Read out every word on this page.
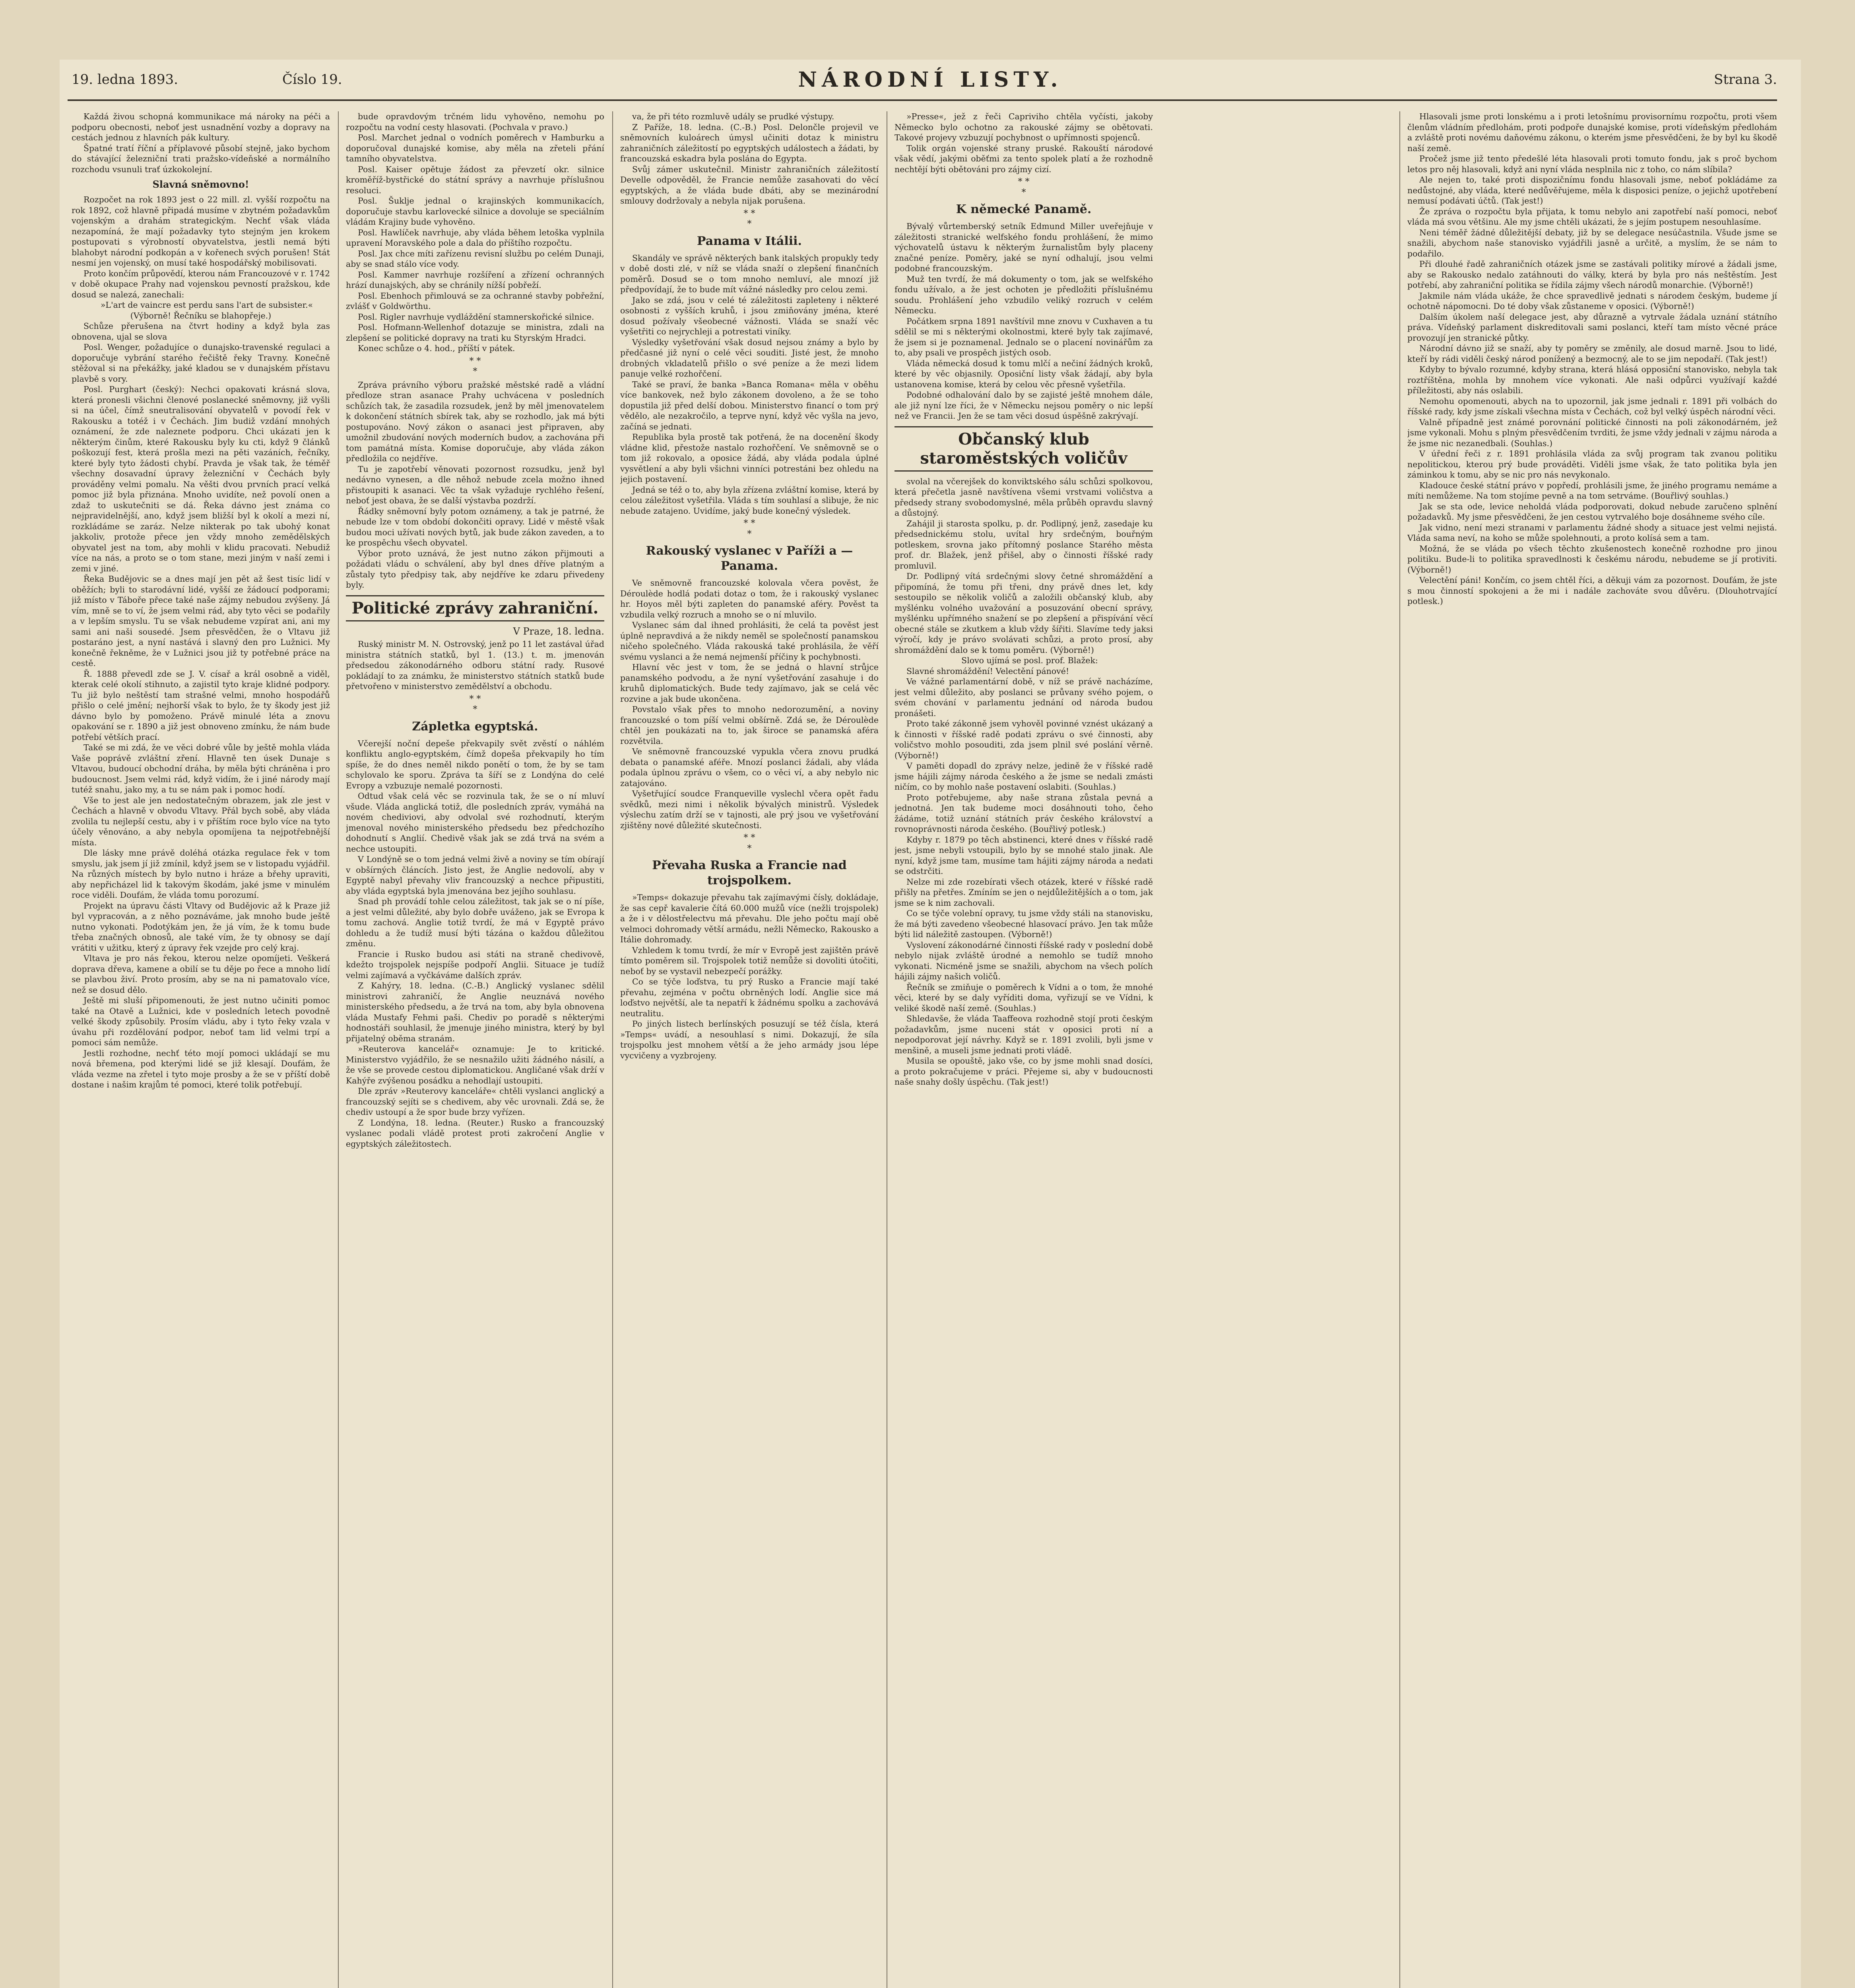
19. ledna 1893.	Číslo 19.	NÁRODNÍ LISTY.	Strana 3.

Každá živou schopná kommunikace má nároky na péči a podporu obecnosti, neboť jest usnadnění vozby a dopravy na cestách jednou z hlavních pák kultury.

Špatné tratí říční a příplavové působí stejně, jako bychom do stávající železniční trati pražsko-vídeňské a normálního rozchodu vsunuli trať úzkokolejní.

Slavná sněmovno!

Rozpočet na rok 1893 jest o 22 mill. zl. vyšší rozpočtu na rok 1892, což hlavně připadá musíme v zbytném požadavkům vojenským a drahám strategickým. Nechť však vláda nezapomíná, že mají požadavky tyto stejným jen krokem postupovati s výrobností obyvatelstva, jestli nemá býti blahobyt národní podkopán a v kořenech svých porušen! Stát nesmí jen vojenský, on musí také hospodářský mobilisovati.

Proto končím průpovědí, kterou nám Francouzové v r. 1742 v době okupace Prahy nad vojenskou pevností pražskou, kde dosud se nalezá, zanechali:

»L'art de vaincre est perdu sans l'art de subsister.« (Výborně! Řečníku se blahopřeje.)

Schůze přerušena na čtvrt hodiny a když byla zas obnovena, ujal se slova

Posl. Wenger, požadujíce o dunajsko-travenské regulaci a doporučuje vybrání starého řečiště řeky Travny. Konečně stěžoval si na překážky, jaké kladou se v dunajském přístavu plavbě s vory.

Posl. Purghart (český): Nechci opakovati krásná slova, která pronesli všichni členové poslanecké sněmovny, již vyšli si na účel, čímž sneutralisování obyvatelů v povodí řek v Rakousku a totéž i v Čechách. Jim budiž vzdání mnohých oznámení, že zde naleznete podporu. Chci ukázati jen k některým činům, které Rakousku byly ku cti, když 9 článků poškozují fest, která prošla mezi na pěti vazáních, řečníky, které byly tyto žádosti chybí. Pravda je však tak, že téměř všechny dosavadní úpravy železniční v Čechách byly prováděny velmi pomalu. Na věšti dvou prvních prací velká pomoc již byla přiznána. Mnoho uvidíte, než povolí onen a zdaž to uskutečniti se dá. Řeka dávno jest známa co nejpravidelnější, ano, když jsem bližší byl k okolí a mezi ní, rozkládáme se zaráz. Nelze nikterak po tak ubohý konat jakkoliv, protože přece jen vždy mnoho zemědělských obyvatel jest na tom, aby mohli v klidu pracovati. Nebudiž více na nás, a proto se o tom stane, mezi jiným v naší zemi i zemi v jiné.

Řeka Budějovic se a dnes mají jen pět až šest tisíc lidí v oběžích; byli to starodávní lidé, vyšší ze žádoucí podporami; již místo v Táboře přece také naše zájmy nebudou zvýšeny. Já vím, mně se to ví, že jsem velmi rád, aby tyto věci se podařily a v lepším smyslu. Tu se však nebudeme vzpírat ani, ani my sami ani naši sousedé. Jsem přesvědčen, že o Vltavu již postaráno jest, a nyní nastává i slavný den pro Lužnici. My konečně řekněme, že v Lužnici jsou již ty potřebné práce na cestě.

Ř. 1888 převedl zde se J. V. císař a král osobně a viděl, kterak celé okolí stihnuto, a zajistil tyto kraje klidné podpory. Tu již bylo neštěstí tam strašné velmi, mnoho hospodářů přišlo o celé jmění; nejhorší však to bylo, že ty škody jest již dávno bylo by pomoženo. Právě minulé léta a znovu opakování se r. 1890 a již jest obnoveno zmínku, že nám bude potřebí větších prací.

Také se mi zdá, že ve věci dobré vůle by ještě mohla vláda Vaše poprávě zvláštní zření. Hlavně ten úsek Dunaje s Vltavou, budoucí obchodní dráha, by měla býti chráněna i pro budoucnost. Jsem velmi rád, když vidím, že i jiné národy mají tutéž snahu, jako my, a tu se nám pak i pomoc hodí.

Vše to jest ale jen nedostatečným obrazem, jak zle jest v Čechách a hlavně v obvodu Vltavy. Přál bych sobě, aby vláda zvolila tu nejlepší cestu, aby i v příštím roce bylo více na tyto účely věnováno, a aby nebyla opomíjena ta nejpotřebnější místa.

Dle lásky mne právě doléhá otázka regulace řek v tom smyslu, jak jsem jí již zmínil, když jsem se v listopadu vyjádřil. Na různých místech by bylo nutno i hráze a břehy upraviti, aby nepřicházel lid k takovým škodám, jaké jsme v minulém roce viděli. Doufám, že vláda tomu porozumí.

Projekt na úpravu části Vltavy od Budějovic až k Praze již byl vypracován, a z něho poznáváme, jak mnoho bude ještě nutno vykonati. Podotýkám jen, že já vím, že k tomu bude třeba značných obnosů, ale také vím, že ty obnosy se dají vrátiti v užitku, který z úpravy řek vzejde pro celý kraj.

Vltava je pro nás řekou, kterou nelze opomíjeti. Veškerá doprava dřeva, kamene a obilí se tu děje po řece a mnoho lidí se plavbou živí. Proto prosím, aby se na ni pamatovalo více, než se dosud dělo.

Ještě mi sluší připomenouti, že jest nutno učiniti pomoc také na Otavě a Lužnici, kde v posledních letech povodně velké škody způsobily. Prosím vládu, aby i tyto řeky vzala v úvahu při rozdělování podpor, neboť tam lid velmi trpí a pomoci sám nemůže.

Jestli rozhodne, nechť této mojí pomoci ukládají se mu nová břemena, pod kterými lidé se již klesají. Doufám, že vláda vezme na zřetel i tyto moje prosby a že se v příští době dostane i našim krajům té pomoci, které tolik potřebují.

bude opravdovým trčném lidu vyhověno, nemohu po rozpočtu na vodní cesty hlasovati. (Pochvala v pravo.)

Posl. Marchet jednal o vodních poměrech v Hamburku a doporučoval dunajské komise, aby měla na zřeteli přání tamního obyvatelstva.

Posl. Kaiser opětuje žádost za převzetí okr. silnice kroměříž-bystřické do státní správy a navrhuje příslušnou resoluci.

Posl. Šuklje jednal o krajinských kommunikacích, doporučuje stavbu karlovecké silnice a dovoluje se speciálním vládám Krajiny bude vyhověno.

Posl. Hawlíček navrhuje, aby vláda během letoška vyplnila upravení Moravského pole a dala do příštího rozpočtu.

Posl. Jax chce míti zařízenu revisní službu po celém Dunaji, aby se snad stálo více vody.

Posl. Kammer navrhuje rozšíření a zřízení ochranných hrází dunajských, aby se chránily nížší pobřeží.

Posl. Ebenhoch přimlouvá se za ochranné stavby pobřežní, zvlášť v Goldwörthu.

Posl. Rigler navrhuje vydláždění stamnerskořické silnice.

Posl. Hofmann-Wellenhof dotazuje se ministra, zdali na zlepšení se politické dopravy na trati ku Styrským Hradci.

Konec schůze o 4. hod., příští v pátek.

* *
*

Zpráva právního výboru pražské městské radě a vládní předloze stran asanace Prahy uchvácena v posledních schůzích tak, že zasadila rozsudek, jenž by měl jmenovatelem k dokončení státních sbírek tak, aby se rozhodlo, jak má býti postupováno. Nový zákon o asanaci jest připraven, aby umožnil zbudování nových moderních budov, a zachována při tom památná místa. Komise doporučuje, aby vláda zákon předložila co nejdříve.

Tu je zapotřebí věnovati pozornost rozsudku, jenž byl nedávno vynesen, a dle něhož nebude zcela možno ihned přistoupiti k asanaci. Věc ta však vyžaduje rychlého řešení, neboť jest obava, že se další výstavba pozdrží.

Řádky sněmovní byly potom oznámeny, a tak je patrné, že nebude lze v tom období dokončiti opravy. Lidé v městě však budou moci užívati nových bytů, jak bude zákon zaveden, a to ke prospěchu všech obyvatel.

Výbor proto uznává, že jest nutno zákon přijmouti a požádati vládu o schválení, aby byl dnes dříve platným a zůstaly tyto předpisy tak, aby nejdříve ke zdaru přivedeny byly.

Politické zprávy zahraniční.
V Praze, 18. ledna.

Ruský ministr M. N. Ostrovský, jenž po 11 let zastával úřad ministra státních statků, byl 1. (13.) t. m. jmenován předsedou zákonodárného odboru státní rady. Rusové pokládají to za známku, že ministerstvo státních statků bude přetvořeno v ministerstvo zemědělství a obchodu.

* *
*
Zápletka egyptská.

Včerejší noční depeše překvapily svět zvěstí o náhlém konfliktu anglo-egyptském, čímž dopeša překvapily ho tím spíše, že do dnes neměl nikdo ponětí o tom, že by se tam schylovalo ke sporu. Zpráva ta šíří se z Londýna do celé Evropy a vzbuzuje nemalé pozornosti.

Odtud však celá věc se rozvinula tak, že se o ní mluví všude. Vláda anglická totiž, dle posledních zpráv, vymáhá na novém chediviovi, aby odvolal své rozhodnutí, kterým jmenoval nového ministerského předsedu bez předchozího dohodnutí s Anglií. Chedivě však jak se zdá trvá na svém a nechce ustoupiti.

V Londýně se o tom jedná velmi živě a noviny se tím obírají v obšírných článcích. Jisto jest, že Anglie nedovolí, aby v Egyptě nabyl převahy vliv francouzský a nechce připustiti, aby vláda egyptská byla jmenována bez jejího souhlasu.

Snad ph provádí tohle celou záležitost, tak jak se o ní píše, a jest velmi důležité, aby bylo dobře uváženo, jak se Evropa k tomu zachová. Anglie totiž tvrdí, že má v Egyptě právo dohledu a že tudíž musí býti tázána o každou důležitou změnu.

Francie i Rusko budou asi státi na straně chedivově, kdežto trojspolek nejspíše podpoří Anglii. Situace je tudíž velmi zajímavá a vyčkáváme dalších zpráv.

Z Kahýry, 18. ledna. (C.-B.) Anglický vyslanec sdělil ministrovi zahraničí, že Anglie neuznává nového ministerského předsedu, a že trvá na tom, aby byla obnovena vláda Mustafy Fehmi paši. Chediv po poradě s některými hodnostáři souhlasil, že jmenuje jiného ministra, který by byl přijatelný oběma stranám.

»Reuterova kancelář« oznamuje: Je to kritické. Ministerstvo vyjádřilo, že se nesnažilo užiti žádného násilí, a že vše se provede cestou diplomatickou. Angličané však drží v Kahýře zvýšenou posádku a nehodlají ustoupiti.

Dle zpráv »Reuterovy kanceláře« chtěli vyslanci anglický a francouzský sejíti se s chedivem, aby věc urovnali. Zdá se, že chediv ustoupí a že spor bude brzy vyřízen.

Z Londýna, 18. ledna. (Reuter.) Rusko a francouzský vyslanec podali vládě protest proti zakročení Anglie v egyptských záležitostech.

va, že při této rozmluvě udály se prudké výstupy.

Z Paříže, 18. ledna. (C.-B.) Posl. Delončle projevil ve sněmovních kuloárech úmysl učiniti dotaz k ministru zahraničních záležitostí po egyptských událostech a žádati, by francouzská eskadra byla poslána do Egypta.

Svůj zámer uskutečnil. Ministr zahraničních záležitostí Develle odpověděl, že Francie nemůže zasahovati do věcí egyptských, a že vláda bude dbáti, aby se mezinárodní smlouvy dodržovaly a nebyla nijak porušena.

* *
*
Panama v Itálii.

Skandály ve správě některých bank italských propukly tedy v době dosti zlé, v níž se vláda snaží o zlepšení finančních poměrů. Dosud se o tom mnoho nemluví, ale mnozí již předpovídají, že to bude mít vážné následky pro celou zemi.

Jako se zdá, jsou v celé té záležitosti zapleteny i některé osobnosti z vyšších kruhů, i jsou zmiňovány jména, které dosud požívaly všeobecné vážnosti. Vláda se snaží věc vyšetřiti co nejrychleji a potrestati viníky.

Výsledky vyšetřování však dosud nejsou známy a bylo by předčasné již nyní o celé věci souditi. Jisté jest, že mnoho drobných vkladatelů přišlo o své peníze a že mezi lidem panuje velké rozhořčení.

Také se praví, že banka »Banca Romana« měla v oběhu více bankovek, než bylo zákonem dovoleno, a že se toho dopustila již před delší dobou. Ministerstvo financí o tom prý vědělo, ale nezakročilo, a teprve nyní, když věc vyšla na jevo, začíná se jednati.

Republika byla prostě tak potřená, že na docenění škody vládne klid, přestože nastalo rozhořčení. Ve sněmovně se o tom již rokovalo, a oposice žádá, aby vláda podala úplné vysvětlení a aby byli všichni vinníci potrestáni bez ohledu na jejich postavení.

Jedná se též o to, aby byla zřízena zvláštní komise, která by celou záležitost vyšetřila. Vláda s tím souhlasí a slibuje, že nic nebude zatajeno. Uvidíme, jaký bude konečný výsledek.

* *
*
Rakouský vyslanec v Paříži a — Panama.

Ve sněmovně francouzské kolovala včera pověst, že Déroulède hodlá podati dotaz o tom, že i rakouský vyslanec hr. Hoyos měl býti zapleten do panamské aféry. Pověst ta vzbudila velký rozruch a mnoho se o ní mluvilo.

Vyslanec sám dal ihned prohlásiti, že celá ta pověst jest úplně nepravdivá a že nikdy neměl se společností panamskou ničeho společného. Vláda rakouská také prohlásila, že věří svému vyslanci a že nemá nejmenší příčiny k pochybnosti.

Hlavní věc jest v tom, že se jedná o hlavní strůjce panamského podvodu, a že nyní vyšetřování zasahuje i do kruhů diplomatických. Bude tedy zajímavo, jak se celá věc rozvine a jak bude ukončena.

Povstalo však přes to mnoho nedorozumění, a noviny francouzské o tom píší velmi obšírně. Zdá se, že Déroulède chtěl jen poukázati na to, jak široce se panamská aféra rozvětvila.

Ve sněmovně francouzské vypukla včera znovu prudká debata o panamské aféře. Mnozí poslanci žádali, aby vláda podala úplnou zprávu o všem, co o věci ví, a aby nebylo nic zatajováno.

Vyšetřující soudce Franqueville vyslechl včera opět řadu svědků, mezi nimi i několik bývalých ministrů. Výsledek výslechu zatím drží se v tajnosti, ale prý jsou ve vyšetřování zjištěny nové důležité skutečnosti.

* *
*
Převaha Ruska a Francie nad trojspolkem.

»Temps« dokazuje převahu tak zajímavými čísly, dokládaje, že sas cepř kavalerie čítá 60.000 mužů více (nežli trojspolek) a že i v dělostřelectvu má převahu. Dle jeho počtu mají obě velmoci dohromady větší armádu, nežli Německo, Rakousko a Itálie dohromady.

Vzhledem k tomu tvrdí, že mír v Evropě jest zajištěn právě tímto poměrem sil. Trojspolek totiž nemůže si dovoliti útočiti, neboť by se vystavil nebezpečí porážky.

Co se týče loďstva, tu prý Rusko a Francie mají také převahu, zejména v počtu obrněných lodí. Anglie sice má loďstvo největší, ale ta nepatří k žádnému spolku a zachovává neutralitu.

Po jiných listech berlínských posuzují se též čísla, která »Temps« uvádí, a nesouhlasí s nimi. Dokazují, že síla trojspolku jest mnohem větší a že jeho armády jsou lépe vycvičeny a vyzbrojeny.

»Presse«, jež z řeči Capriviho chtěla vyčísti, jakoby Německo bylo ochotno za rakouské zájmy se obětovati. Takové projevy vzbuzují pochybnost o upřímnosti spojenců.

Tolik orgán vojenské strany pruské. Rakouští národové však vědí, jakými oběťmi za tento spolek platí a že rozhodně nechtějí býti obětováni pro zájmy cizí.

* *
*
K německé Panamě.

Bývalý vůrtemberský setník Edmund Miller uveřejňuje v záležitosti stranické welfského fondu prohlášení, že mimo výchovatelů ústavu k některým žurnalistům byly placeny značné peníze. Poměry, jaké se nyní odhalují, jsou velmi podobné francouzským.

Muž ten tvrdí, že má dokumenty o tom, jak se welfského fondu užívalo, a že jest ochoten je předložiti příslušnému soudu. Prohlášení jeho vzbudilo veliký rozruch v celém Německu.

Počátkem srpna 1891 navštívil mne znovu v Cuxhaven a tu sdělil se mi s některými okolnostmi, které byly tak zajímavé, že jsem si je poznamenal. Jednalo se o placení novinářům za to, aby psali ve prospěch jistých osob.

Vláda německá dosud k tomu mlčí a nečiní žádných kroků, které by věc objasnily. Oposiční listy však žádají, aby byla ustanovena komise, která by celou věc přesně vyšetřila.

Podobné odhalování dalo by se zajisté ještě mnohem dále, ale již nyní lze říci, že v Německu nejsou poměry o nic lepší než ve Francii. Jen že se tam věci dosud úspěšně zakrývají.

Občanský klub staroměstských voličův

svolal na včerejšek do konviktského sálu schůzi spolkovou, která přečetla jasně navštívena všemi vrstvami voličstva a předsedy strany svobodomyslné, měla průběh opravdu slavný a důstojný.

Zahájil ji starosta spolku, p. dr. Podlipný, jenž, zasedaje ku předsednickému stolu, uvítal hry srdečným, bouřným potleskem, srovna jako přítomný poslance Starého města prof. dr. Blažek, jenž přišel, aby o činnosti říšské rady promluvil.

Dr. Podlipný vítá srdečnými slovy četné shromáždění a připomíná, že tomu při třeni, dny právě dnes let, kdy sestoupilo se několik voličů a založili občanský klub, aby myšlénku volného uvažování a posuzování obecní správy, myšlénku upřímného snažení se po zlepšení a přispívání věcí obecné stále se zkutkem a klub vždy šířiti. Slavíme tedy jaksi výročí, kdy je právo svolávati schůzi, a proto prosí, aby shromáždění dalo se k tomu poměru. (Výborně!)

Slovo ujímá se posl. prof. Blažek:

Slavné shromáždění! Velectění pánové!

Ve vážné parlamentární době, v níž se právě nacházíme, jest velmi důležito, aby poslanci se průvany svého pojem, o svém chování v parlamentu jednání od národa budou pronášeti.

Proto také zákonně jsem vyhověl povinné vznést ukázaný a k činnosti v říšské radě podati zprávu o své činnosti, aby voličstvo mohlo posouditi, zda jsem plnil své poslání věrně. (Výborně!)

V paměti dopadl do zprávy nelze, jedině že v říšské radě jsme hájili zájmy národa českého a že jsme se nedali zmásti ničím, co by mohlo naše postavení oslabiti. (Souhlas.)

Proto potřebujeme, aby naše strana zůstala pevná a jednotná. Jen tak budeme moci dosáhnouti toho, čeho žádáme, totiž uznání státních práv českého království a rovnoprávnosti národa českého. (Bouřlivý potlesk.)

Kdyby r. 1879 po těch abstinenci, které dnes v říšské radě jest, jsme nebyli vstoupili, bylo by se mnohé stalo jinak. Ale nyní, když jsme tam, musíme tam hájiti zájmy národa a nedati se odstrčiti.

Nelze mi zde rozebírati všech otázek, které v říšské radě přišly na přetřes. Zmíním se jen o nejdůležitějších a o tom, jak jsme se k nim zachovali.

Co se týče volební opravy, tu jsme vždy stáli na stanovisku, že má býti zavedeno všeobecné hlasovací právo. Jen tak může býti lid náležitě zastoupen. (Výborně!)

Vyslovení zákonodárné činnosti říšské rady v poslední době nebylo nijak zvláště úrodné a nemohlo se tudíž mnoho vykonati. Nicméně jsme se snažili, abychom na všech polích hájili zájmy našich voličů.

Řečník se zmiňuje o poměrech k Vídni a o tom, že mnohé věci, které by se daly vyříditi doma, vyřizují se ve Vídni, k veliké škodě naší země. (Souhlas.)

Shledavše, že vláda Taaffeova rozhodně stojí proti českým požadavkům, jsme nuceni stát v oposici proti ní a nepodporovat její návrhy. Když se r. 1891 zvolili, byli jsme v menšině, a museli jsme jednati proti vládě.

Musila se opouště, jako vše, co by jsme mohli snad dosíci, a proto pokračujeme v práci. Přejeme si, aby v budoucnosti naše snahy došly úspěchu. (Tak jest!)

Hlasovali jsme proti lonskému a i proti letošnímu provisornímu rozpočtu, proti všem členům vládním předlohám, proti podpoře dunajské komise, proti vídeňským předlohám a zvláště proti novému daňovému zákonu, o kterém jsme přesvědčeni, že by byl ku škodě naší země.

Pročež jsme již tento předešlé léta hlasovali proti tomuto fondu, jak s proč bychom letos pro něj hlasovali, když ani nyní vláda nesplnila nic z toho, co nám slíbila?

Ale nejen to, také proti dispozičnímu fondu hlasovali jsme, neboť pokládáme za nedůstojné, aby vláda, které nedůvěřujeme, měla k disposici peníze, o jejichž upotřebení nemusí podávati účtů. (Tak jest!)

Že zpráva o rozpočtu byla přijata, k tomu nebylo ani zapotřebí naší pomoci, neboť vláda má svou většinu. Ale my jsme chtěli ukázati, že s jejím postupem nesouhlasíme.

Neni téměř žádné důležitější debaty, již by se delegace nesúčastnila. Všude jsme se snažili, abychom naše stanovisko vyjádřili jasně a určitě, a myslím, že se nám to podařilo.

Při dlouhé řadě zahraničních otázek jsme se zastávali politiky mírové a žádali jsme, aby se Rakousko nedalo zatáhnouti do války, která by byla pro nás neštěstím. Jest potřebí, aby zahraniční politika se řídila zájmy všech národů monarchie. (Výborně!)

Jakmile nám vláda ukáže, že chce spravedlivě jednati s národem českým, budeme jí ochotně nápomocni. Do té doby však zůstaneme v oposici. (Výborně!)

Dalším úkolem naší delegace jest, aby důrazně a vytrvale žádala uznání státního práva. Vídeňský parlament diskreditovali sami poslanci, kteří tam místo věcné práce provozují jen stranické půtky.

Národní dávno již se snaží, aby ty poměry se změnily, ale dosud marně. Jsou to lidé, kteří by rádi viděli český národ ponížený a bezmocný, ale to se jim nepodaří. (Tak jest!)

Kdyby to bývalo rozumné, kdyby strana, která hlásá opposiční stanovisko, nebyla tak roztříštěna, mohla by mnohem více vykonati. Ale naši odpůrci využívají každé příležitosti, aby nás oslabili.

Nemohu opomenouti, abych na to upozornil, jak jsme jednali r. 1891 při volbách do říšské rady, kdy jsme získali všechna místa v Čechách, což byl velký úspěch národní věci.

Valně případně jest známé porovnání politické činnosti na poli zákonodárném, jež jsme vykonali. Mohu s plným přesvědčením tvrditi, že jsme vždy jednali v zájmu národa a že jsme nic nezanedbali. (Souhlas.)

V úřední řeči z r. 1891 prohlásila vláda za svůj program tak zvanou politiku nepolitickou, kterou prý bude prováděti. Viděli jsme však, že tato politika byla jen záminkou k tomu, aby se nic pro nás nevykonalo.

Kladouce české státní právo v popředí, prohlásili jsme, že jiného programu nemáme a míti nemůžeme. Na tom stojíme pevně a na tom setrváme. (Bouřlivý souhlas.)

Jak se sta ode, levice neholdá vláda podporovati, dokud nebude zaručeno splnění požadavků. My jsme přesvědčeni, že jen cestou vytrvalého boje dosáhneme svého cíle.

Jak vidno, není mezi stranami v parlamentu žádné shody a situace jest velmi nejistá. Vláda sama neví, na koho se může spolehnouti, a proto kolísá sem a tam.

Možná, že se vláda po všech těchto zkušenostech konečně rozhodne pro jinou politiku. Bude-li to politika spravedlnosti k českému národu, nebudeme se jí protiviti. (Výborně!)

Velectění páni! Končím, co jsem chtěl říci, a děkuji vám za pozornost. Doufám, že jste s mou činností spokojeni a že mi i nadále zachováte svou důvěru. (Dlouhotrvající potlesk.)
